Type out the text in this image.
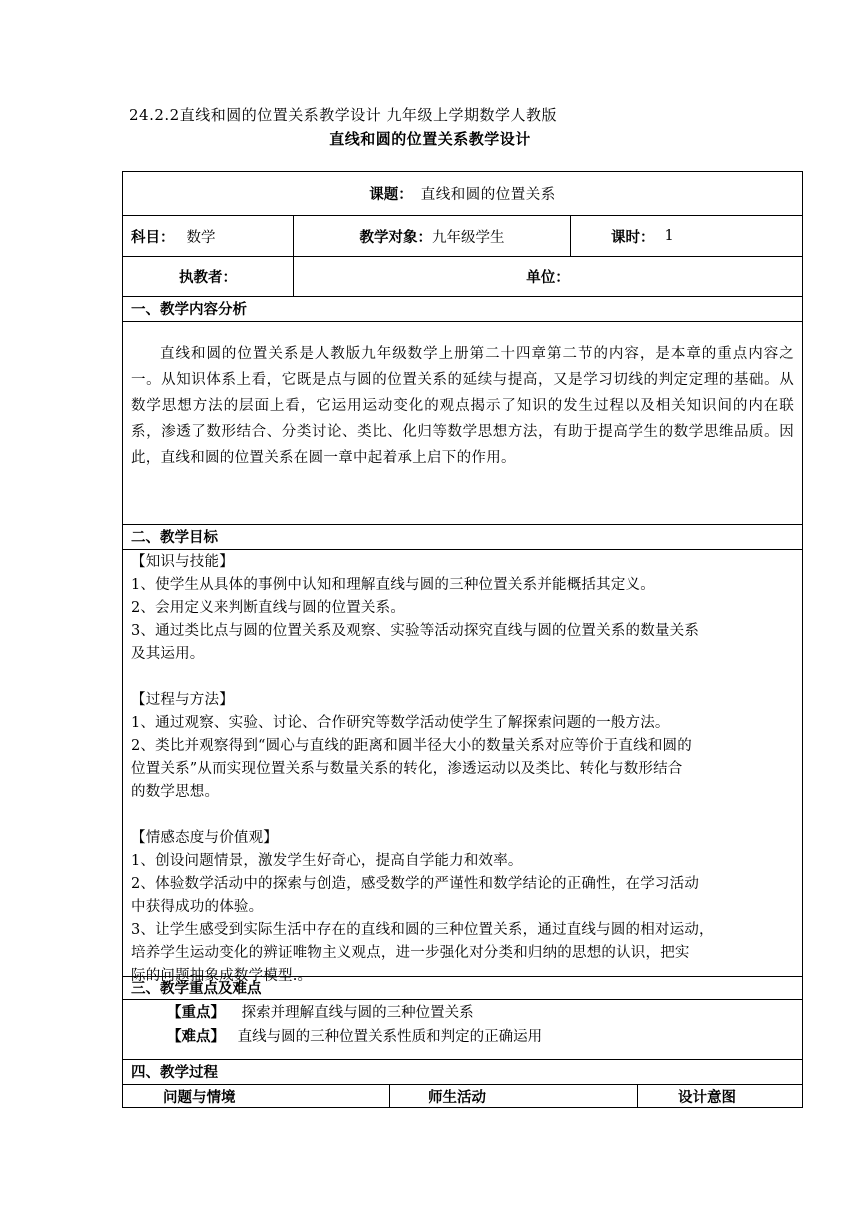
24.2.2直线和圆的位置关系教学设计 九年级上学期数学人教版
直线和圆的位置关系教学设计
课题： 直线和圆的位置关系
科目： 数学	教学对象： 九年级学生	课时： 1
执教者：	单位：
一、教学内容分析
直线和圆的位置关系是人教版九年级数学上册第二十四章第二节的内容，是本章的重点内容之一。从知识体系上看，它既是点与圆的位置关系的延续与提高，又是学习切线的判定定理的基础。从数学思想方法的层面上看，它运用运动变化的观点揭示了知识的发生过程以及相关知识间的内在联系，渗透了数形结合、分类讨论、类比、化归等数学思想方法，有助于提高学生的数学思维品质。因此，直线和圆的位置关系在圆一章中起着承上启下的作用。
二、教学目标
【知识与技能】
1、使学生从具体的事例中认知和理解直线与圆的三种位置关系并能概括其定义。
2、会用定义来判断直线与圆的位置关系。
3、通过类比点与圆的位置关系及观察、实验等活动探究直线与圆的位置关系的数量关系
及其运用。
【过程与方法】
1、通过观察、实验、讨论、合作研究等数学活动使学生了解探索问题的一般方法。
2、类比并观察得到“圆心与直线的距离和圆半径大小的数量关系对应等价于直线和圆的
位置关系”从而实现位置关系与数量关系的转化，渗透运动以及类比、转化与数形结合
的数学思想。
【情感态度与价值观】
1、创设问题情景，激发学生好奇心，提高自学能力和效率。
2、体验数学活动中的探索与创造，感受数学的严谨性和数学结论的正确性，在学习活动
中获得成功的体验。
3、让学生感受到实际生活中存在的直线和圆的三种位置关系，通过直线与圆的相对运动，
培养学生运动变化的辨证唯物主义观点，进一步强化对分类和归纳的思想的认识，把实
际的问题抽象成数学模型.。
三、教学重点及难点
【重点】 探索并理解直线与圆的三种位置关系
【难点】 直线与圆的三种位置关系性质和判定的正确运用
四、教学过程
问题与情境	师生活动	设计意图
